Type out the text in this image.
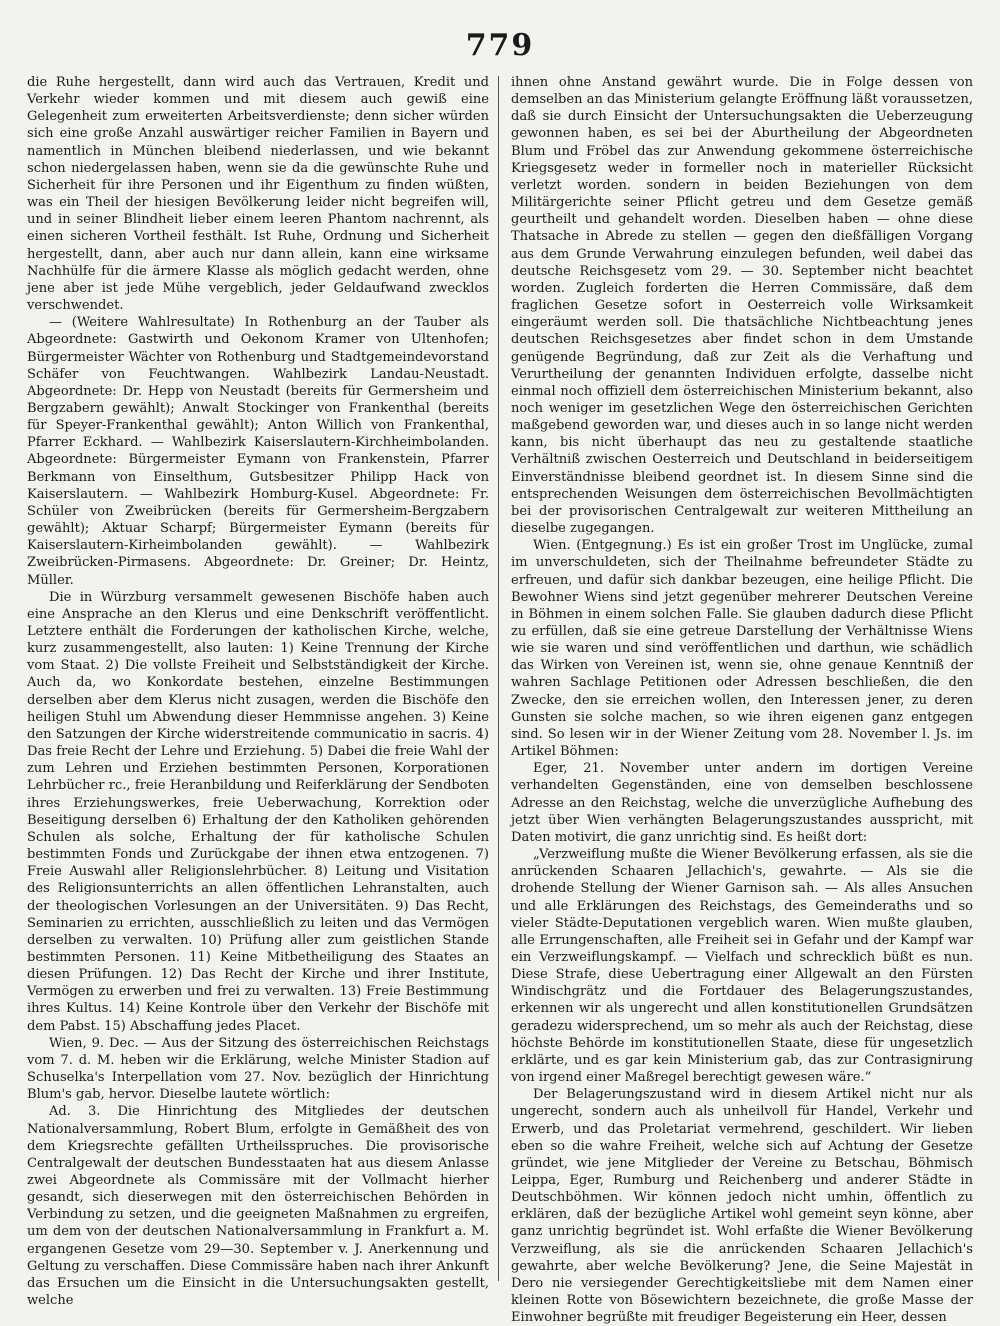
779

die Ruhe hergestellt, dann wird auch das Vertrauen, Kredit und Verkehr wieder kommen und mit diesem auch gewiß eine Gelegenheit zum erweiterten Arbeitsverdienste; denn sicher würden sich eine große Anzahl auswärtiger reicher Familien in Bayern und namentlich in München bleibend niederlassen, und wie bekannt schon niedergelassen haben, wenn sie da die gewünschte Ruhe und Sicherheit für ihre Personen und ihr Eigenthum zu finden wüßten, was ein Theil der hiesigen Bevölkerung leider nicht begreifen will, und in seiner Blindheit lieber einem leeren Phantom nachrennt, als einen sicheren Vortheil festhält. Ist Ruhe, Ordnung und Sicherheit hergestellt, dann, aber auch nur dann allein, kann eine wirksame Nachhülfe für die ärmere Klasse als möglich gedacht werden, ohne jene aber ist jede Mühe vergeblich, jeder Geldaufwand zwecklos verschwendet.

— (Weitere Wahlresultate) In Rothenburg an der Tauber als Abgeordnete: Gastwirth und Oekonom Kramer von Ultenhofen; Bürgermeister Wächter von Rothenburg und Stadtgemeindevorstand Schäfer von Feuchtwangen. Wahlbezirk Landau-Neustadt. Abgeordnete: Dr. Hepp von Neustadt (bereits für Germersheim und Bergzabern gewählt); Anwalt Stockinger von Frankenthal (bereits für Speyer-Frankenthal gewählt); Anton Willich von Frankenthal, Pfarrer Eckhard. — Wahlbezirk Kaiserslautern-Kirchheimbolanden. Abgeordnete: Bürgermeister Eymann von Frankenstein, Pfarrer Berkmann von Einselthum, Gutsbesitzer Philipp Hack von Kaiserslautern. — Wahlbezirk Homburg-Kusel. Abgeordnete: Fr. Schüler von Zweibrücken (bereits für Germersheim-Bergzabern gewählt); Aktuar Scharpf; Bürgermeister Eymann (bereits für Kaiserslautern-Kirheimbolanden gewählt). — Wahlbezirk Zweibrücken-Pirmasens. Abgeordnete: Dr. Greiner; Dr. Heintz, Müller.

Die in Würzburg versammelt gewesenen Bischöfe haben auch eine Ansprache an den Klerus und eine Denkschrift veröffentlicht. Letztere enthält die Forderungen der katholischen Kirche, welche, kurz zusammengestellt, also lauten: 1) Keine Trennung der Kirche vom Staat. 2) Die vollste Freiheit und Selbstständigkeit der Kirche. Auch da, wo Konkordate bestehen, einzelne Bestimmungen derselben aber dem Klerus nicht zusagen, werden die Bischöfe den heiligen Stuhl um Abwendung dieser Hemmnisse angehen. 3) Keine den Satzungen der Kirche widerstreitende communicatio in sacris. 4) Das freie Recht der Lehre und Erziehung. 5) Dabei die freie Wahl der zum Lehren und Erziehen bestimmten Personen, Korporationen Lehrbücher rc., freie Heranbildung und Reiferklärung der Sendboten ihres Erziehungswerkes, freie Ueberwachung, Korrektion oder Beseitigung derselben 6) Erhaltung der den Katholiken gehörenden Schulen als solche, Erhaltung der für katholische Schulen bestimmten Fonds und Zurückgabe der ihnen etwa entzogenen. 7) Freie Auswahl aller Religionslehrbücher. 8) Leitung und Visitation des Religionsunterrichts an allen öffentlichen Lehranstalten, auch der theologischen Vorlesungen an der Universitäten. 9) Das Recht, Seminarien zu errichten, ausschließlich zu leiten und das Vermögen derselben zu verwalten. 10) Prüfung aller zum geistlichen Stande bestimmten Personen. 11) Keine Mitbetheiligung des Staates an diesen Prüfungen. 12) Das Recht der Kirche und ihrer Institute, Vermögen zu erwerben und frei zu verwalten. 13) Freie Bestimmung ihres Kultus. 14) Keine Kontrole über den Verkehr der Bischöfe mit dem Pabst. 15) Abschaffung jedes Placet.

Wien, 9. Dec. — Aus der Sitzung des österreichischen Reichstags vom 7. d. M. heben wir die Erklärung, welche Minister Stadion auf Schuselka's Interpellation vom 27. Nov. bezüglich der Hinrichtung Blum's gab, hervor. Dieselbe lautete wörtlich:

Ad. 3. Die Hinrichtung des Mitgliedes der deutschen Nationalversammlung, Robert Blum, erfolgte in Gemäßheit des von dem Kriegsrechte gefällten Urtheilsspruches. Die provisorische Centralgewalt der deutschen Bundesstaaten hat aus diesem Anlasse zwei Abgeordnete als Commissäre mit der Vollmacht hierher gesandt, sich dieserwegen mit den österreichischen Behörden in Verbindung zu setzen, und die geeigneten Maßnahmen zu ergreifen, um dem von der deutschen Nationalversammlung in Frankfurt a. M. ergangenen Gesetze vom 29—30. September v. J. Anerkennung und Geltung zu verschaffen. Diese Commissäre haben nach ihrer Ankunft das Ersuchen um die Einsicht in die Untersuchungsakten gestellt, welche

ihnen ohne Anstand gewährt wurde. Die in Folge dessen von demselben an das Ministerium gelangte Eröffnung läßt voraussetzen, daß sie durch Einsicht der Untersuchungsakten die Ueberzeugung gewonnen haben, es sei bei der Aburtheilung der Abgeordneten Blum und Fröbel das zur Anwendung gekommene österreichische Kriegsgesetz weder in formeller noch in materieller Rücksicht verletzt worden. sondern in beiden Beziehungen von dem Militärgerichte seiner Pflicht getreu und dem Gesetze gemäß geurtheilt und gehandelt worden. Dieselben haben — ohne diese Thatsache in Abrede zu stellen — gegen den dießfälligen Vorgang aus dem Grunde Verwahrung einzulegen befunden, weil dabei das deutsche Reichsgesetz vom 29. — 30. September nicht beachtet worden. Zugleich forderten die Herren Commissäre, daß dem fraglichen Gesetze sofort in Oesterreich volle Wirksamkeit eingeräumt werden soll. Die thatsächliche Nichtbeachtung jenes deutschen Reichsgesetzes aber findet schon in dem Umstande genügende Begründung, daß zur Zeit als die Verhaftung und Verurtheilung der genannten Individuen erfolgte, dasselbe nicht einmal noch offiziell dem österreichischen Ministerium bekannt, also noch weniger im gesetzlichen Wege den österreichischen Gerichten maßgebend geworden war, und dieses auch in so lange nicht werden kann, bis nicht überhaupt das neu zu gestaltende staatliche Verhältniß zwischen Oesterreich und Deutschland in beiderseitigem Einverständnisse bleibend geordnet ist. In diesem Sinne sind die entsprechenden Weisungen dem österreichischen Bevollmächtigten bei der provisorischen Centralgewalt zur weiteren Mittheilung an dieselbe zugegangen.

Wien. (Entgegnung.) Es ist ein großer Trost im Unglücke, zumal im unverschuldeten, sich der Theilnahme befreundeter Städte zu erfreuen, und dafür sich dankbar bezeugen, eine heilige Pflicht. Die Bewohner Wiens sind jetzt gegenüber mehrerer Deutschen Vereine in Böhmen in einem solchen Falle. Sie glauben dadurch diese Pflicht zu erfüllen, daß sie eine getreue Darstellung der Verhältnisse Wiens wie sie waren und sind veröffentlichen und darthun, wie schädlich das Wirken von Vereinen ist, wenn sie, ohne genaue Kenntniß der wahren Sachlage Petitionen oder Adressen beschließen, die den Zwecke, den sie erreichen wollen, den Interessen jener, zu deren Gunsten sie solche machen, so wie ihren eigenen ganz entgegen sind. So lesen wir in der Wiener Zeitung vom 28. November l. Js. im Artikel Böhmen:

Eger, 21. November unter andern im dortigen Vereine verhandelten Gegenständen, eine von demselben beschlossene Adresse an den Reichstag, welche die unverzügliche Aufhebung des jetzt über Wien verhängten Belagerungszustandes ausspricht, mit Daten motivirt, die ganz unrichtig sind. Es heißt dort:

„Verzweiflung mußte die Wiener Bevölkerung erfassen, als sie die anrückenden Schaaren Jellachich's, gewahrte. — Als sie die drohende Stellung der Wiener Garnison sah. — Als alles Ansuchen und alle Erklärungen des Reichstags, des Gemeinderaths und so vieler Städte-Deputationen vergeblich waren. Wien mußte glauben, alle Errungenschaften, alle Freiheit sei in Gefahr und der Kampf war ein Verzweiflungskampf. — Vielfach und schrecklich büßt es nun. Diese Strafe, diese Uebertragung einer Allgewalt an den Fürsten Windischgrätz und die Fortdauer des Belagerungszustandes, erkennen wir als ungerecht und allen konstitutionellen Grundsätzen geradezu widersprechend, um so mehr als auch der Reichstag, diese höchste Behörde im konstitutionellen Staate, diese für ungesetzlich erklärte, und es gar kein Ministerium gab, das zur Contrasignirung von irgend einer Maßregel berechtigt gewesen wäre.“

Der Belagerungszustand wird in diesem Artikel nicht nur als ungerecht, sondern auch als unheilvoll für Handel, Verkehr und Erwerb, und das Proletariat vermehrend, geschildert. Wir lieben eben so die wahre Freiheit, welche sich auf Achtung der Gesetze gründet, wie jene Mitglieder der Vereine zu Betschau, Böhmisch Leippa, Eger, Rumburg und Reichenberg und anderer Städte in Deutschböhmen. Wir können jedoch nicht umhin, öffentlich zu erklären, daß der bezügliche Artikel wohl gemeint seyn könne, aber ganz unrichtig begründet ist. Wohl erfaßte die Wiener Bevölkerung Verzweiflung, als sie die anrückenden Schaaren Jellachich's gewahrte, aber welche Bevölkerung? Jene, die Seine Majestät in Dero nie versiegender Gerechtigkeitsliebe mit dem Namen einer kleinen Rotte von Bösewichtern bezeichnete, die große Masse der Einwohner begrüßte mit freudiger Begeisterung ein Heer, dessen
